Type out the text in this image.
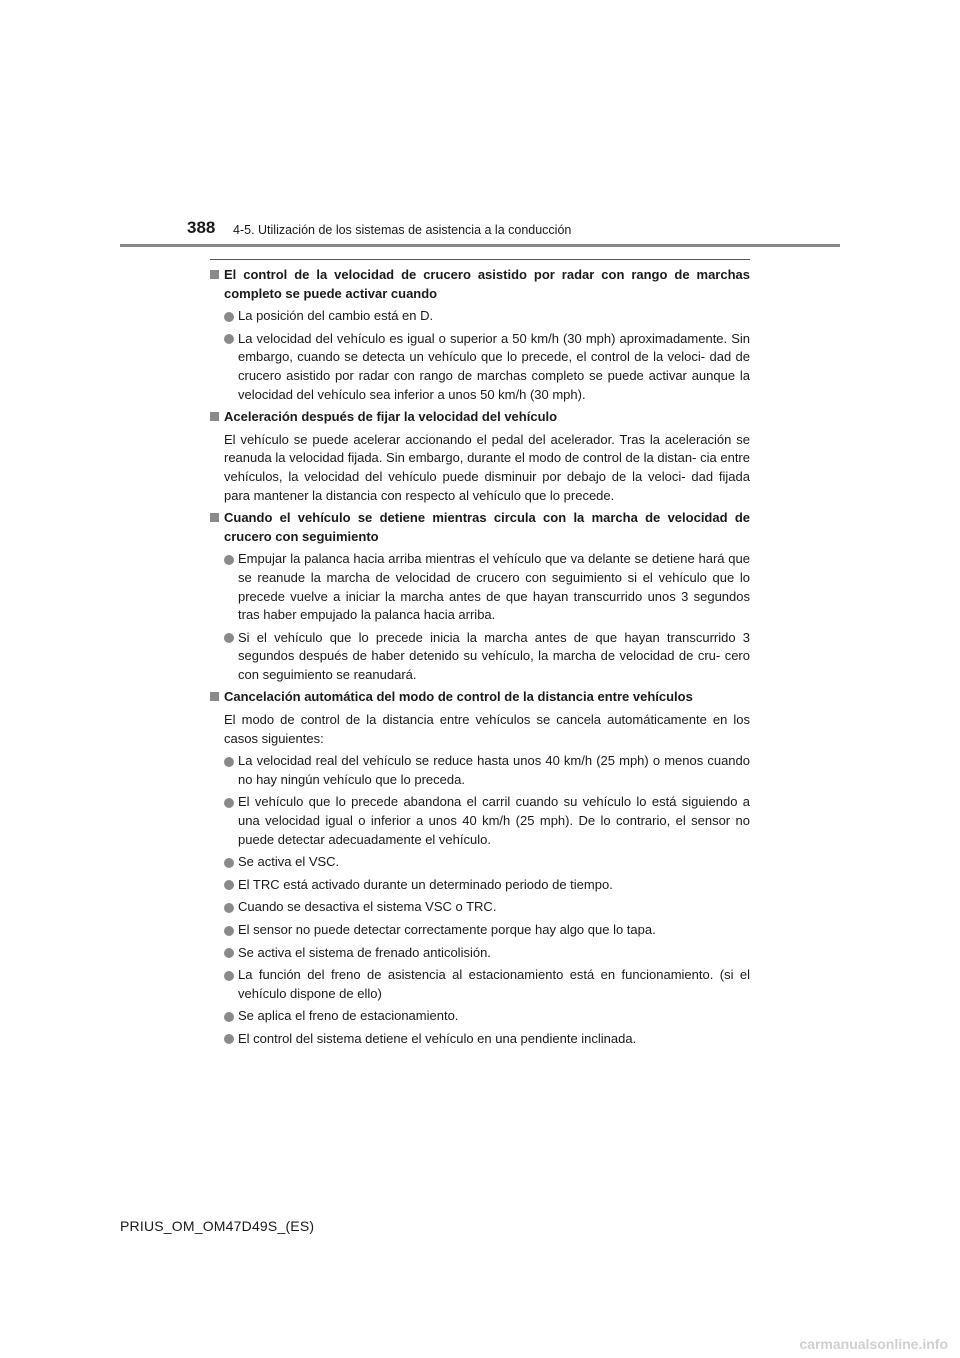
388 4-5. Utilización de los sistemas de asistencia a la conducción
El control de la velocidad de crucero asistido por radar con rango de marchas completo se puede activar cuando
La posición del cambio está en D.
La velocidad del vehículo es igual o superior a 50 km/h (30 mph) aproximadamente. Sin embargo, cuando se detecta un vehículo que lo precede, el control de la veloci- dad de crucero asistido por radar con rango de marchas completo se puede activar aunque la velocidad del vehículo sea inferior a unos 50 km/h (30 mph).
Aceleración después de fijar la velocidad del vehículo
El vehículo se puede acelerar accionando el pedal del acelerador. Tras la aceleración se reanuda la velocidad fijada. Sin embargo, durante el modo de control de la distan- cia entre vehículos, la velocidad del vehículo puede disminuir por debajo de la veloci- dad fijada para mantener la distancia con respecto al vehículo que lo precede.
Cuando el vehículo se detiene mientras circula con la marcha de velocidad de crucero con seguimiento
Empujar la palanca hacia arriba mientras el vehículo que va delante se detiene hará que se reanude la marcha de velocidad de crucero con seguimiento si el vehículo que lo precede vuelve a iniciar la marcha antes de que hayan transcurrido unos 3 segundos tras haber empujado la palanca hacia arriba.
Si el vehículo que lo precede inicia la marcha antes de que hayan transcurrido 3 segundos después de haber detenido su vehículo, la marcha de velocidad de cru- cero con seguimiento se reanudará.
Cancelación automática del modo de control de la distancia entre vehículos
El modo de control de la distancia entre vehículos se cancela automáticamente en los casos siguientes:
La velocidad real del vehículo se reduce hasta unos 40 km/h (25 mph) o menos cuando no hay ningún vehículo que lo preceda.
El vehículo que lo precede abandona el carril cuando su vehículo lo está siguiendo a una velocidad igual o inferior a unos 40 km/h (25 mph). De lo contrario, el sensor no puede detectar adecuadamente el vehículo.
Se activa el VSC.
El TRC está activado durante un determinado periodo de tiempo.
Cuando se desactiva el sistema VSC o TRC.
El sensor no puede detectar correctamente porque hay algo que lo tapa.
Se activa el sistema de frenado anticolisión.
La función del freno de asistencia al estacionamiento está en funcionamiento. (si el vehículo dispone de ello)
Se aplica el freno de estacionamiento.
El control del sistema detiene el vehículo en una pendiente inclinada.
PRIUS_OM_OM47D49S_(ES)
carmanualsonline.info
